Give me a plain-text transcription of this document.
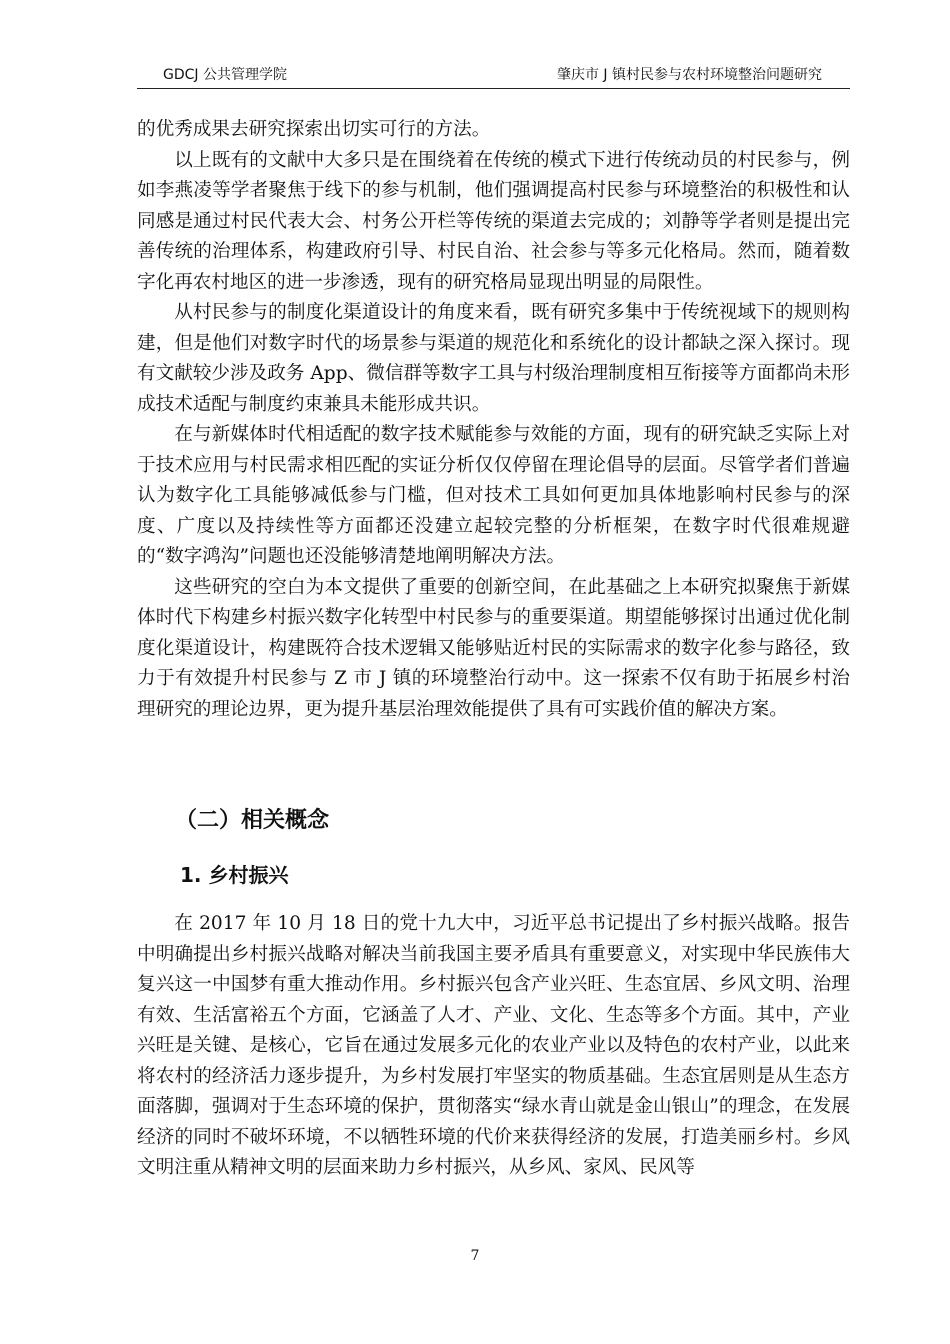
GDCJ 公共管理学院	肇庆市 J 镇村民参与农村环境整治问题研究

的优秀成果去研究探索出切实可行的方法。

以上既有的文献中大多只是在围绕着在传统的模式下进行传统动员的村民参与，例如李燕凌等学者聚焦于线下的参与机制，他们强调提高村民参与环境整治的积极性和认同感是通过村民代表大会、村务公开栏等传统的渠道去完成的；刘静等学者则是提出完善传统的治理体系，构建政府引导、村民自治、社会参与等多元化格局。然而，随着数字化再农村地区的进一步渗透，现有的研究格局显现出明显的局限性。

从村民参与的制度化渠道设计的角度来看，既有研究多集中于传统视域下的规则构建，但是他们对数字时代的场景参与渠道的规范化和系统化的设计都缺之深入探讨。现有文献较少涉及政务 App、微信群等数字工具与村级治理制度相互衔接等方面都尚未形成技术适配与制度约束兼具未能形成共识。

在与新媒体时代相适配的数字技术赋能参与效能的方面，现有的研究缺乏实际上对于技术应用与村民需求相匹配的实证分析仅仅停留在理论倡导的层面。尽管学者们普遍认为数字化工具能够减低参与门槛，但对技术工具如何更加具体地影响村民参与的深度、广度以及持续性等方面都还没建立起较完整的分析框架，在数字时代很难规避的“数字鸿沟”问题也还没能够清楚地阐明解决方法。

这些研究的空白为本文提供了重要的创新空间，在此基础之上本研究拟聚焦于新媒体时代下构建乡村振兴数字化转型中村民参与的重要渠道。期望能够探讨出通过优化制度化渠道设计，构建既符合技术逻辑又能够贴近村民的实际需求的数字化参与路径，致力于有效提升村民参与 Z 市 J 镇的环境整治行动中。这一探索不仅有助于拓展乡村治理研究的理论边界，更为提升基层治理效能提供了具有可实践价值的解决方案。

（二）相关概念
1. 乡村振兴

在 2017 年 10 月 18 日的党十九大中，习近平总书记提出了乡村振兴战略。报告中明确提出乡村振兴战略对解决当前我国主要矛盾具有重要意义，对实现中华民族伟大复兴这一中国梦有重大推动作用。乡村振兴包含产业兴旺、生态宜居、乡风文明、治理有效、生活富裕五个方面，它涵盖了人才、产业、文化、生态等多个方面。其中，产业兴旺是关键、是核心，它旨在通过发展多元化的农业产业以及特色的农村产业，以此来将农村的经济活力逐步提升，为乡村发展打牢坚实的物质基础。生态宜居则是从生态方面落脚，强调对于生态环境的保护，贯彻落实“绿水青山就是金山银山”的理念，在发展经济的同时不破坏环境，不以牺牲环境的代价来获得经济的发展，打造美丽乡村。乡风文明注重从精神文明的层面来助力乡村振兴，从乡风、家风、民风等

7
